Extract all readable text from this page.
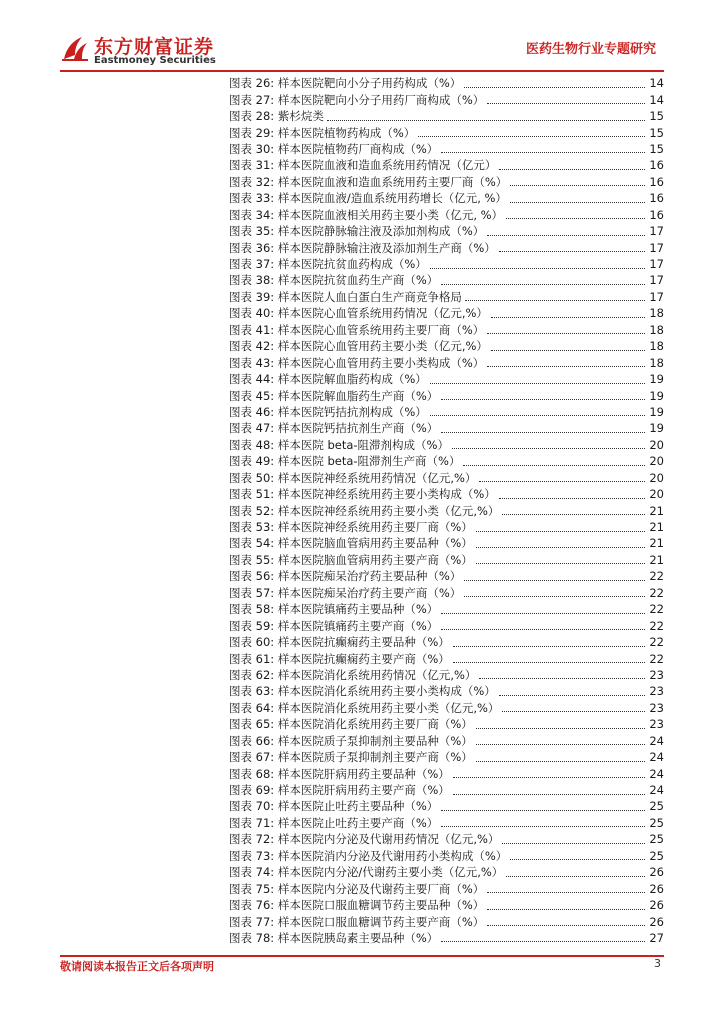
东方财富证券
Eastmoney Securities
医药生物行业专题研究
图表 26: 样本医院靶向小分子用药构成（%）	14
图表 27: 样本医院靶向小分子用药厂商构成（%）	14
图表 28: 紫杉烷类	15
图表 29: 样本医院植物药构成（%）	15
图表 30: 样本医院植物药厂商构成（%）	15
图表 31: 样本医院血液和造血系统用药情况（亿元）	16
图表 32: 样本医院血液和造血系统用药主要厂商（%）	16
图表 33: 样本医院血液/造血系统用药增长（亿元, %）	16
图表 34: 样本医院血液相关用药主要小类（亿元, %）	16
图表 35: 样本医院静脉输注液及添加剂构成（%）	17
图表 36: 样本医院静脉输注液及添加剂生产商（%）	17
图表 37: 样本医院抗贫血药构成（%）	17
图表 38: 样本医院抗贫血药生产商（%）	17
图表 39: 样本医院人血白蛋白生产商竞争格局	17
图表 40: 样本医院心血管系统用药情况（亿元,%）	18
图表 41: 样本医院心血管系统用药主要厂商（%）	18
图表 42: 样本医院心血管用药主要小类（亿元,%）	18
图表 43: 样本医院心血管用药主要小类构成（%）	18
图表 44: 样本医院解血脂药构成（%）	19
图表 45: 样本医院解血脂药生产商（%）	19
图表 46: 样本医院钙拮抗剂构成（%）	19
图表 47: 样本医院钙拮抗剂生产商（%）	19
图表 48: 样本医院 beta-阻滞剂构成（%）	20
图表 49: 样本医院 beta-阻滞剂生产商（%）	20
图表 50: 样本医院神经系统用药情况（亿元,%）	20
图表 51: 样本医院神经系统用药主要小类构成（%）	20
图表 52: 样本医院神经系统用药主要小类（亿元,%）	21
图表 53: 样本医院神经系统用药主要厂商（%）	21
图表 54: 样本医院脑血管病用药主要品种（%）	21
图表 55: 样本医院脑血管病用药主要产商（%）	21
图表 56: 样本医院痴呆治疗药主要品种（%）	22
图表 57: 样本医院痴呆治疗药主要产商（%）	22
图表 58: 样本医院镇痛药主要品种（%）	22
图表 59: 样本医院镇痛药主要产商（%）	22
图表 60: 样本医院抗癫痫药主要品种（%）	22
图表 61: 样本医院抗癫痫药主要产商（%）	22
图表 62: 样本医院消化系统用药情况（亿元,%）	23
图表 63: 样本医院消化系统用药主要小类构成（%）	23
图表 64: 样本医院消化系统用药主要小类（亿元,%）	23
图表 65: 样本医院消化系统用药主要厂商（%）	23
图表 66: 样本医院质子泵抑制剂主要品种（%）	24
图表 67: 样本医院质子泵抑制剂主要产商（%）	24
图表 68: 样本医院肝病用药主要品种（%）	24
图表 69: 样本医院肝病用药主要产商（%）	24
图表 70: 样本医院止吐药主要品种（%）	25
图表 71: 样本医院止吐药主要产商（%）	25
图表 72: 样本医院内分泌及代谢用药情况（亿元,%）	25
图表 73: 样本医院消内分泌及代谢用药小类构成（%）	25
图表 74: 样本医院内分泌/代谢药主要小类（亿元,%）	26
图表 75: 样本医院内分泌及代谢药主要厂商（%）	26
图表 76: 样本医院口服血糖调节药主要品种（%）	26
图表 77: 样本医院口服血糖调节药主要产商（%）	26
图表 78: 样本医院胰岛素主要品种（%）	27
敬请阅读本报告正文后各项声明	3
